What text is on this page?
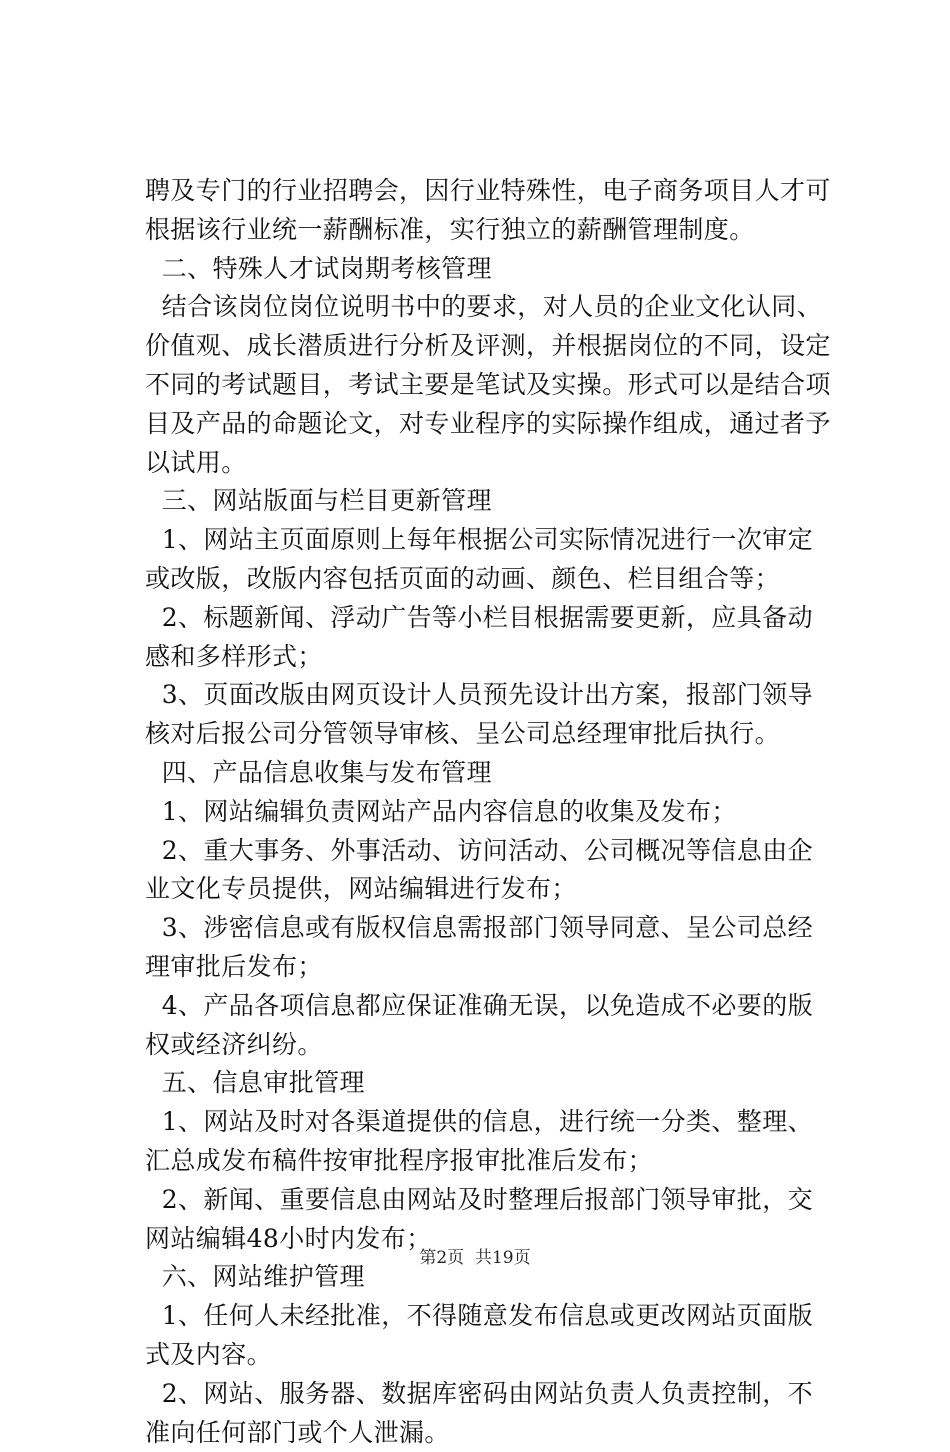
聘及专门的行业招聘会，因行业特殊性，电子商务项目人才可
根据该行业统一薪酬标准，实行独立的薪酬管理制度。
二、特殊人才试岗期考核管理
结合该岗位岗位说明书中的要求，对人员的企业文化认同、
价值观、成长潜质进行分析及评测，并根据岗位的不同，设定
不同的考试题目，考试主要是笔试及实操。形式可以是结合项
目及产品的命题论文，对专业程序的实际操作组成，通过者予
以试用。
三、网站版面与栏目更新管理
1、网站主页面原则上每年根据公司实际情况进行一次审定
或改版，改版内容包括页面的动画、颜色、栏目组合等；
2、标题新闻、浮动广告等小栏目根据需要更新，应具备动
感和多样形式；
3、页面改版由网页设计人员预先设计出方案，报部门领导
核对后报公司分管领导审核、呈公司总经理审批后执行。
四、产品信息收集与发布管理
1、网站编辑负责网站产品内容信息的收集及发布；
2、重大事务、外事活动、访问活动、公司概况等信息由企
业文化专员提供，网站编辑进行发布；
3、涉密信息或有版权信息需报部门领导同意、呈公司总经
理审批后发布；
4、产品各项信息都应保证准确无误，以免造成不必要的版
权或经济纠纷。
五、信息审批管理
1、网站及时对各渠道提供的信息，进行统一分类、整理、
汇总成发布稿件按审批程序报审批准后发布；
2、新闻、重要信息由网站及时整理后报部门领导审批，交
网站编辑48小时内发布；
六、网站维护管理
1、任何人未经批准，不得随意发布信息或更改网站页面版
式及内容。
2、网站、服务器、数据库密码由网站负责人负责控制，不
准向任何部门或个人泄漏。
第2页  共19页
